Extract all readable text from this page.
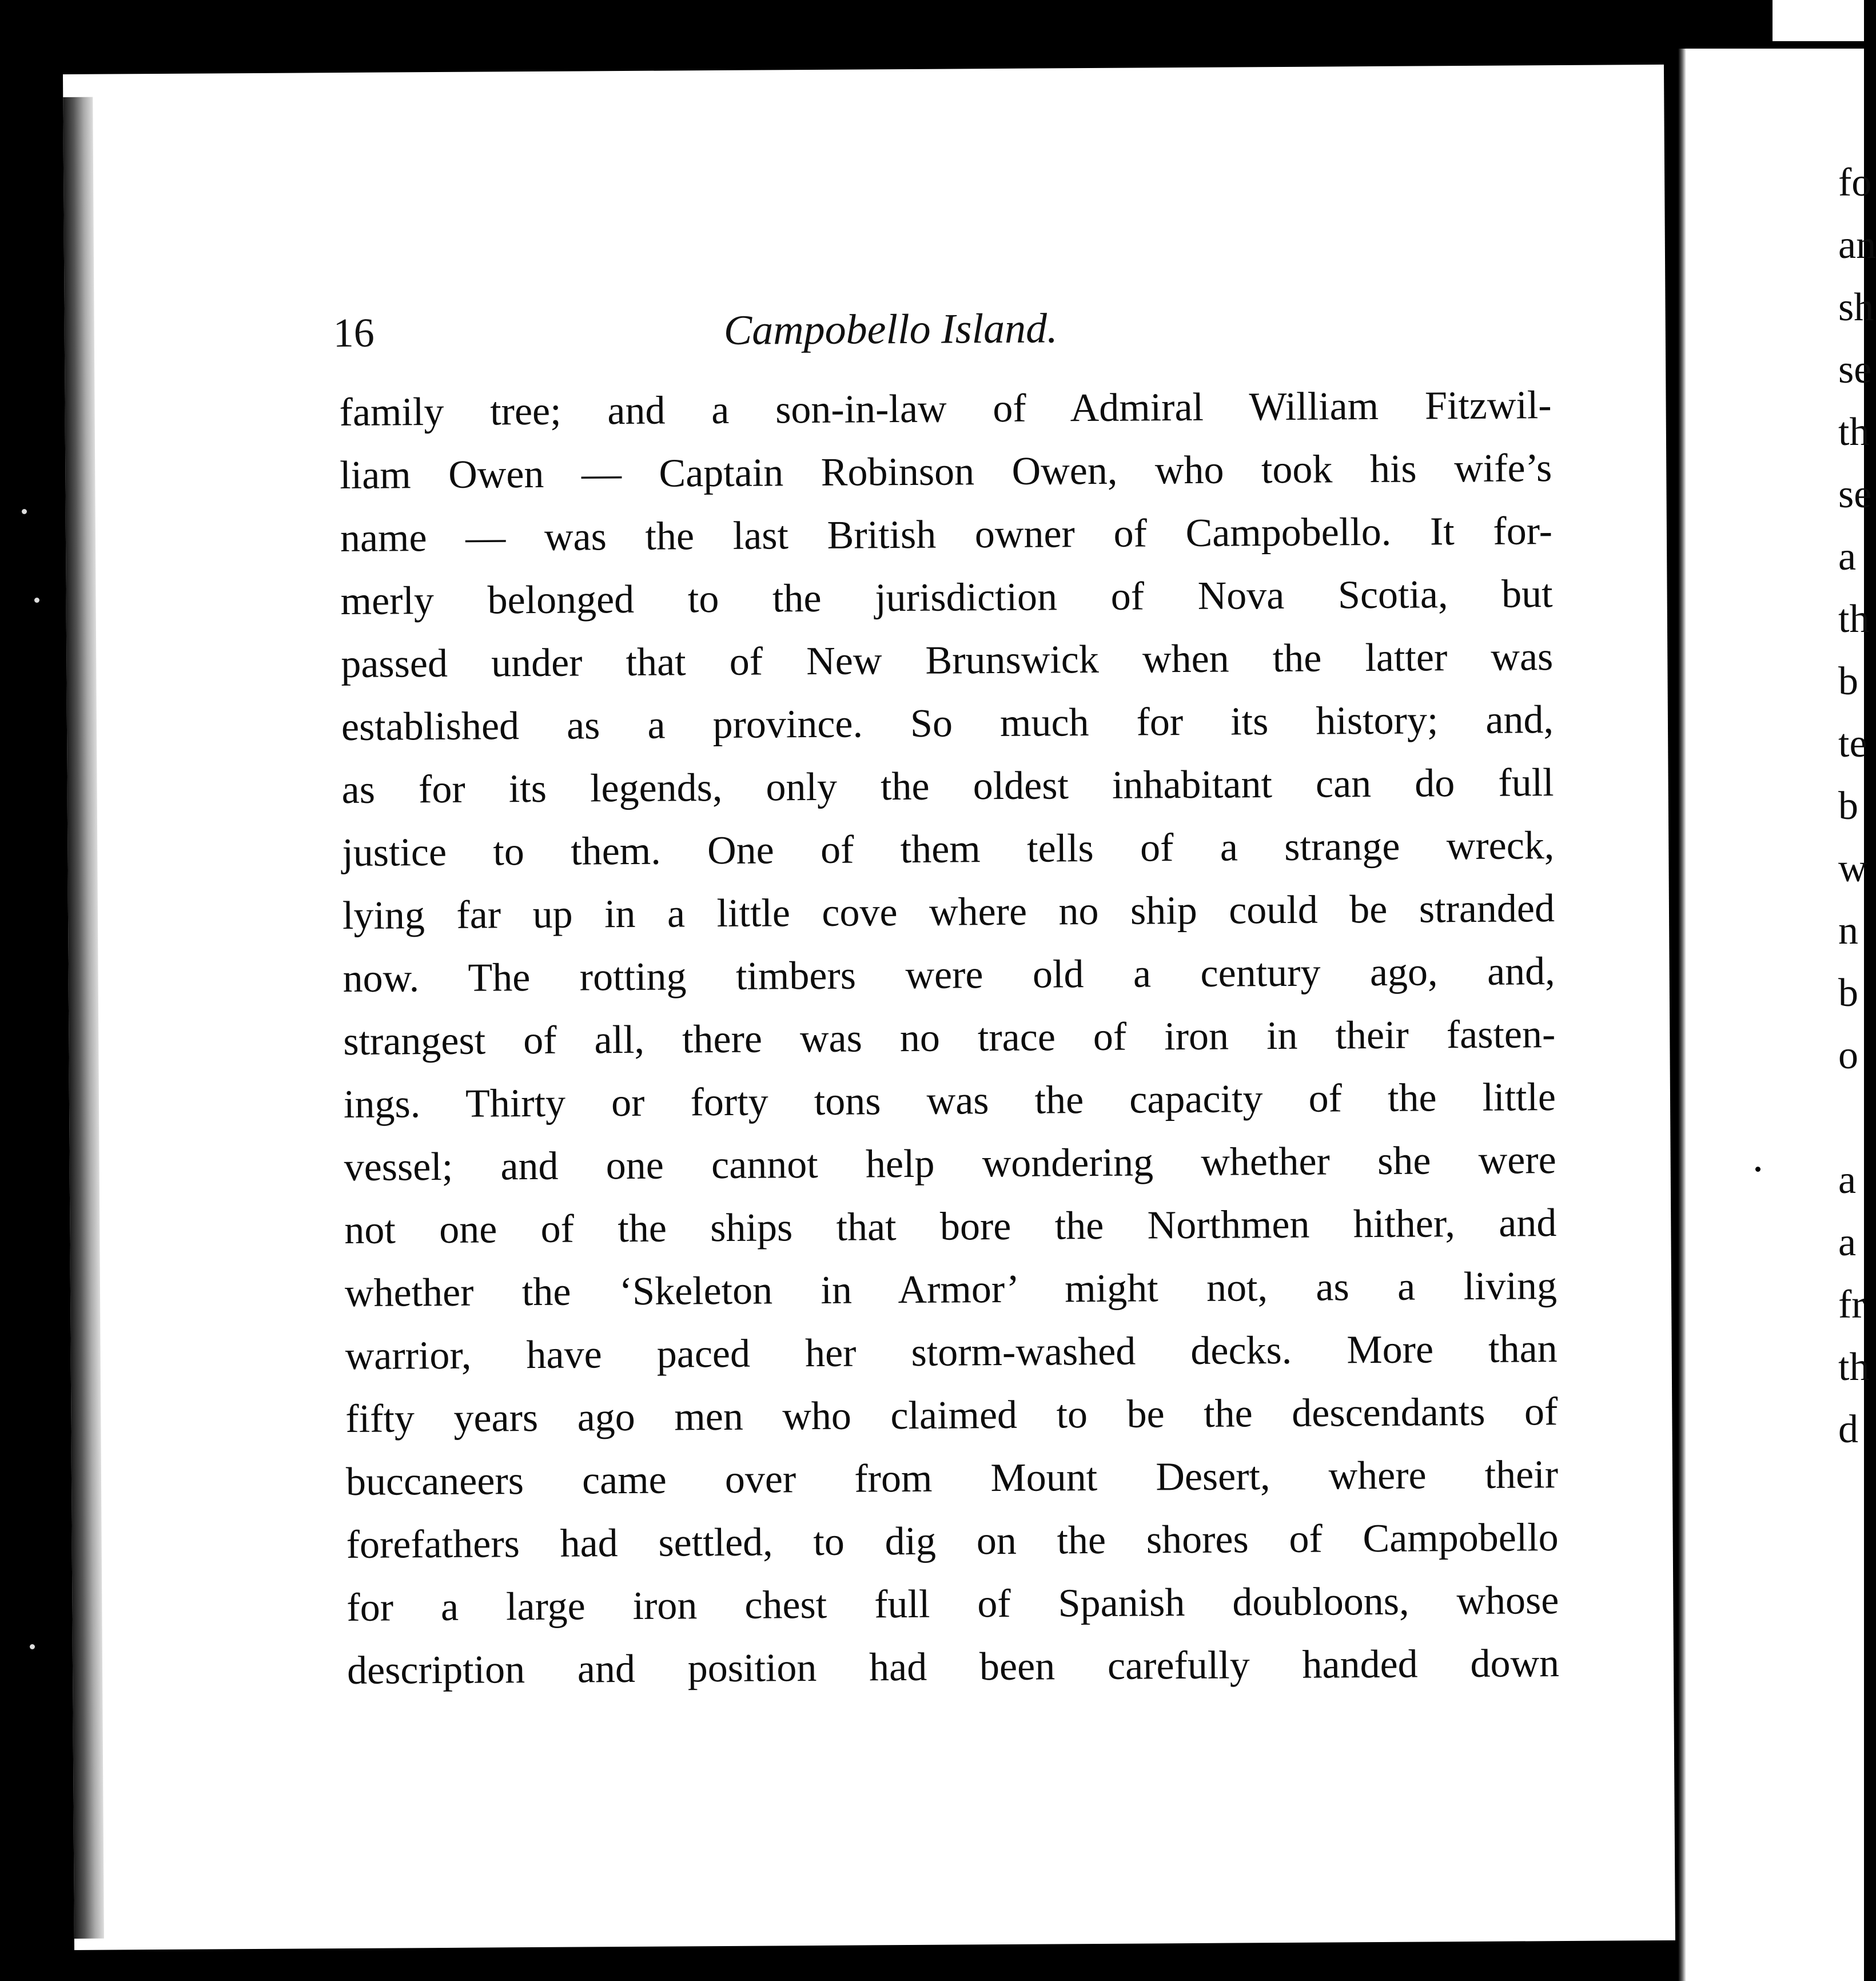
16	Campobello Island.
family tree; and a son-in-law of Admiral William Fitzwil-
liam Owen — Captain Robinson Owen, who took his wife’s
name — was the last British owner of Campobello. It for-
merly belonged to the jurisdiction of Nova Scotia, but
passed under that of New Brunswick when the latter was
established as a province. So much for its history; and,
as for its legends, only the oldest inhabitant can do full
justice to them. One of them tells of a strange wreck,
lying far up in a little cove where no ship could be stranded
now. The rotting timbers were old a century ago, and,
strangest of all, there was no trace of iron in their fasten-
ings. Thirty or forty tons was the capacity of the little
vessel; and one cannot help wondering whether she were
not one of the ships that bore the Northmen hither, and
whether the ‘Skeleton in Armor’ might not, as a living
warrior, have paced her storm-washed decks. More than
fifty years ago men who claimed to be the descendants of
buccaneers came over from Mount Desert, where their
forefathers had settled, to dig on the shores of Campobello
for a large iron chest full of Spanish doubloons, whose
description and position had been carefully handed down
fo
an
sh
se
th
se
a
th
b
te
b
w
n
b
o
a
a
fr
th
d
